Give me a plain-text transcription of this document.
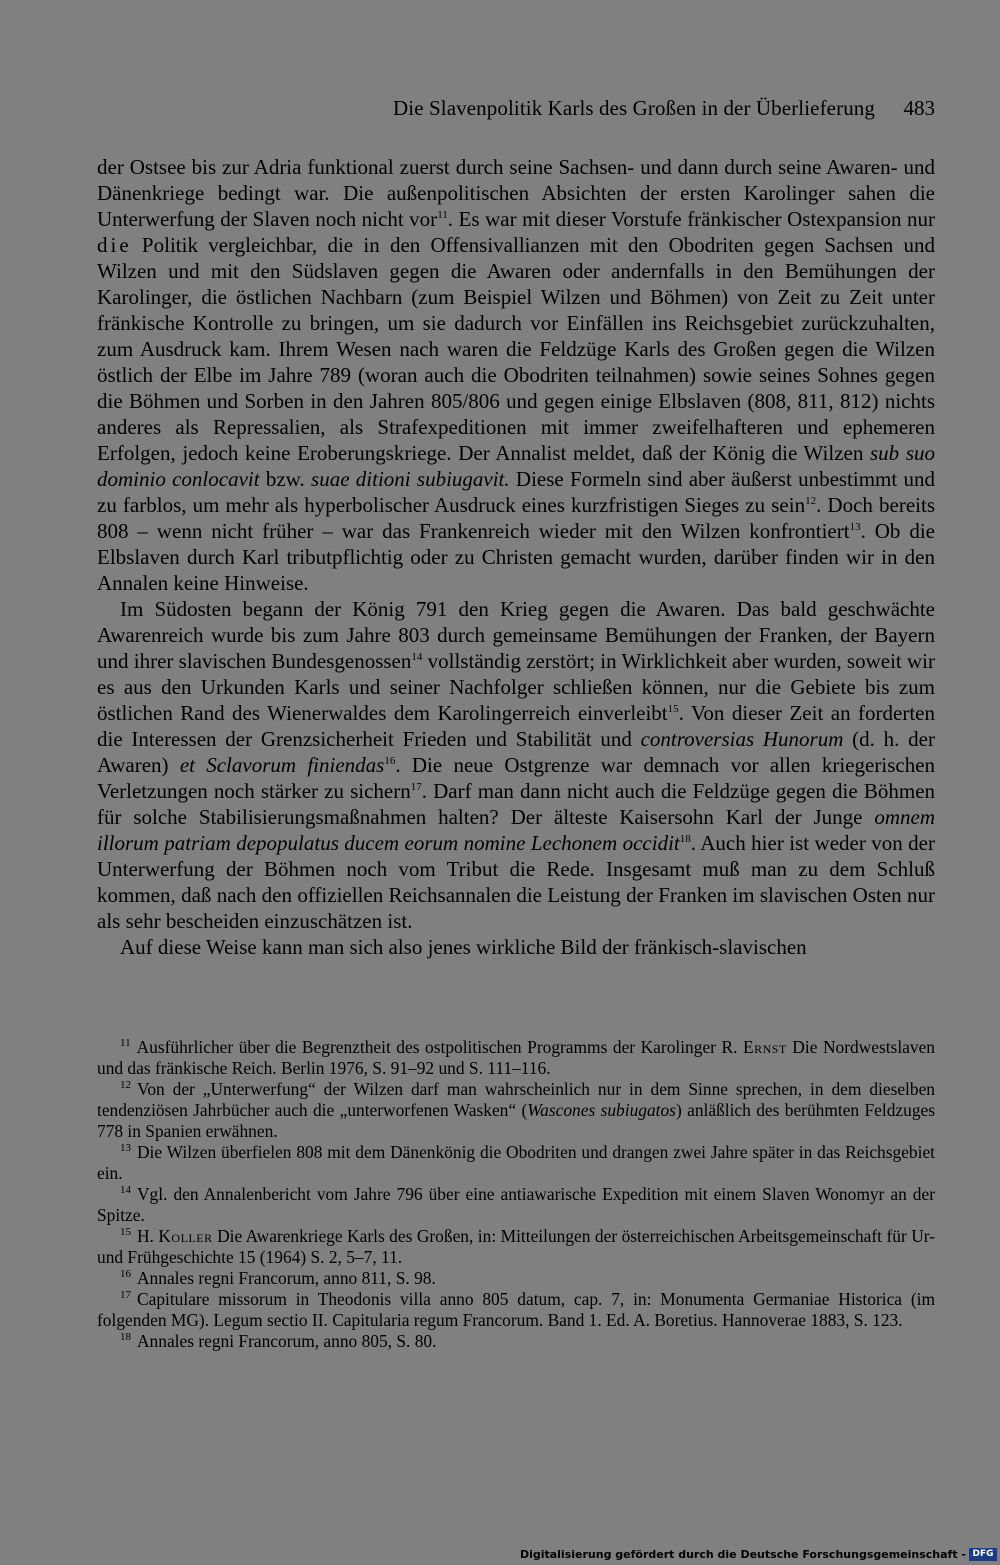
Die Slavenpolitik Karls des Großen in der Überlieferung 483

der Ostsee bis zur Adria funktional zuerst durch seine Sachsen- und dann durch seine Awaren- und Dänenkriege bedingt war. Die außenpolitischen Absichten der ersten Karolinger sahen die Unterwerfung der Slaven noch nicht vor$^{11}$. Es war mit dieser Vorstufe fränkischer Ostexpansion nur die Politik vergleichbar, die in den Offensivallianzen mit den Obodriten gegen Sachsen und Wilzen und mit den Südslaven gegen die Awaren oder andernfalls in den Bemühungen der Karolinger, die östlichen Nachbarn (zum Beispiel Wilzen und Böhmen) von Zeit zu Zeit unter fränkische Kontrolle zu bringen, um sie dadurch vor Einfällen ins Reichsgebiet zurückzuhalten, zum Ausdruck kam. Ihrem Wesen nach waren die Feldzüge Karls des Großen gegen die Wilzen östlich der Elbe im Jahre 789 (woran auch die Obodriten teilnahmen) sowie seines Sohnes gegen die Böhmen und Sorben in den Jahren 805/806 und gegen einige Elbslaven (808, 811, 812) nichts anderes als Repressalien, als Strafexpeditionen mit immer zweifelhafteren und ephemeren Erfolgen, jedoch keine Eroberungskriege. Der Annalist meldet, daß der König die Wilzen sub suo dominio conlocavit bzw. suae ditioni subiugavit. Diese Formeln sind aber äußerst unbestimmt und zu farblos, um mehr als hyperbolischer Ausdruck eines kurzfristigen Sieges zu sein$^{12}$. Doch bereits 808 – wenn nicht früher – war das Frankenreich wieder mit den Wilzen konfrontiert$^{13}$. Ob die Elbslaven durch Karl tributpflichtig oder zu Christen gemacht wurden, darüber finden wir in den Annalen keine Hinweise.

Im Südosten begann der König 791 den Krieg gegen die Awaren. Das bald geschwächte Awarenreich wurde bis zum Jahre 803 durch gemeinsame Bemühungen der Franken, der Bayern und ihrer slavischen Bundesgenossen$^{14}$ vollständig zerstört; in Wirklichkeit aber wurden, soweit wir es aus den Urkunden Karls und seiner Nachfolger schließen können, nur die Gebiete bis zum östlichen Rand des Wienerwaldes dem Karolingerreich einverleibt$^{15}$. Von dieser Zeit an forderten die Interessen der Grenzsicherheit Frieden und Stabilität und controversias Hunorum (d. h. der Awaren) et Sclavorum finiendas$^{16}$. Die neue Ostgrenze war demnach vor allen kriegerischen Verletzungen noch stärker zu sichern$^{17}$. Darf man dann nicht auch die Feldzüge gegen die Böhmen für solche Stabilisierungsmaßnahmen halten? Der älteste Kaisersohn Karl der Junge omnem illorum patriam depopulatus ducem eorum nomine Lechonem occidit$^{18}$. Auch hier ist weder von der Unterwerfung der Böhmen noch vom Tribut die Rede. Insgesamt muß man zu dem Schluß kommen, daß nach den offiziellen Reichsannalen die Leistung der Franken im slavischen Osten nur als sehr bescheiden einzuschätzen ist.

Auf diese Weise kann man sich also jenes wirkliche Bild der fränkisch-slavischen

$^{11}$ Ausführlicher über die Begrenztheit des ostpolitischen Programms der Karolinger R. Ernst Die Nordwestslaven und das fränkische Reich. Berlin 1976, S. 91–92 und S. 111–116.

$^{12}$ Von der „Unterwerfung“ der Wilzen darf man wahrscheinlich nur in dem Sinne sprechen, in dem dieselben tendenziösen Jahrbücher auch die „unterworfenen Wasken“ (Wascones subiugatos) anläßlich des berühmten Feldzuges 778 in Spanien erwähnen.

$^{13}$ Die Wilzen überfielen 808 mit dem Dänenkönig die Obodriten und drangen zwei Jahre später in das Reichsgebiet ein.

$^{14}$ Vgl. den Annalenbericht vom Jahre 796 über eine antiawarische Expedition mit einem Slaven Wonomyr an der Spitze.

$^{15}$ H. Koller Die Awarenkriege Karls des Großen, in: Mitteilungen der österreichischen Arbeitsgemeinschaft für Ur- und Frühgeschichte 15 (1964) S. 2, 5–7, 11.

$^{16}$ Annales regni Francorum, anno 811, S. 98.

$^{17}$ Capitulare missorum in Theodonis villa anno 805 datum, cap. 7, in: Monumenta Germaniae Historica (im folgenden MG). Legum sectio II. Capitularia regum Francorum. Band 1. Ed. A. Boretius. Hannoverae 1883, S. 123.

$^{18}$ Annales regni Francorum, anno 805, S. 80.

Digitalisierung gefördert durch die Deutsche Forschungsgemeinschaft - DFG
